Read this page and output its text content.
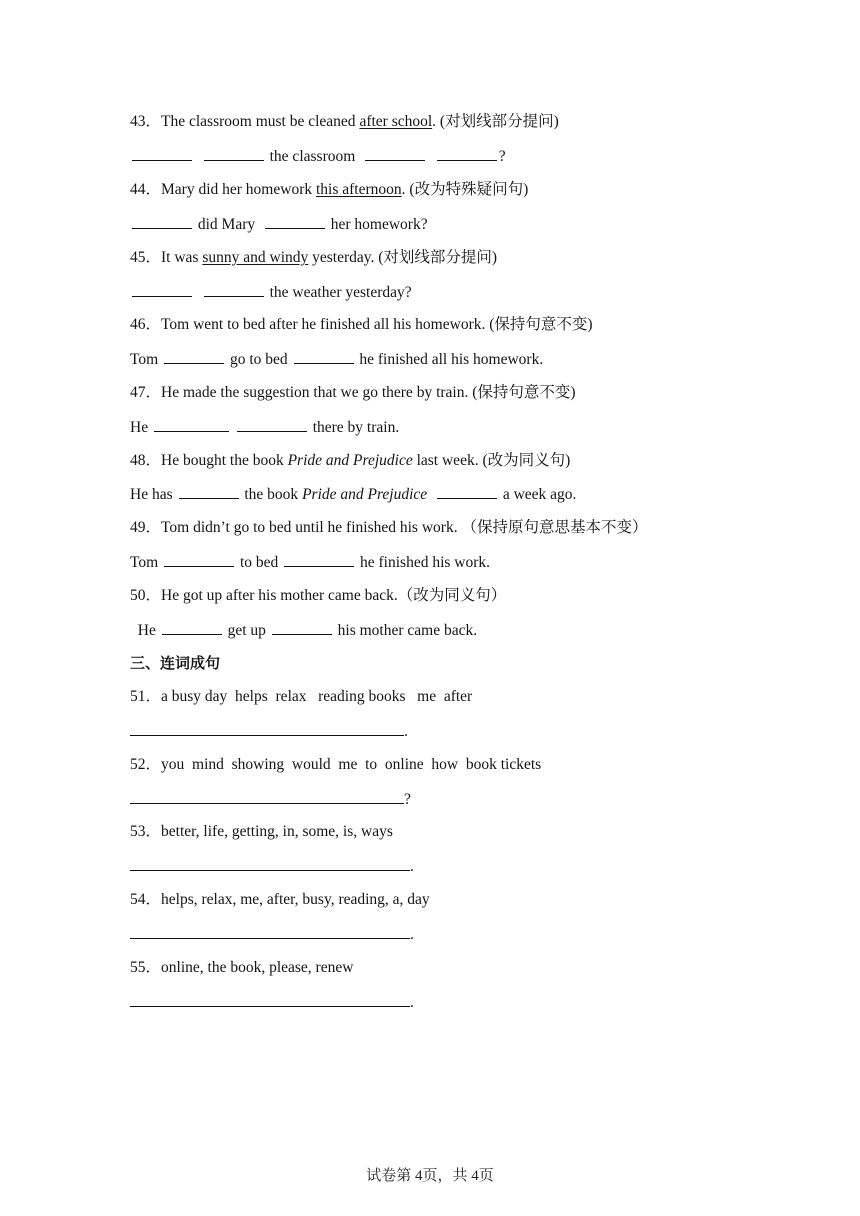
43．The classroom must be cleaned after school. (对划线部分提问)
the classroom	?
44．Mary did her homework this afternoon. (改为特殊疑问句)
did Mary	her homework?
45．It was sunny and windy yesterday. (对划线部分提问)
the weather yesterday?
46．Tom went to bed after he finished all his homework. (保持句意不变)
Tom	go to bed	he finished all his homework.
47．He made the suggestion that we go there by train. (保持句意不变)
He	there by train.
48．He bought the book Pride and Prejudice last week. (改为同义句)
He has	the book Pride and Prejudice	a week ago.
49．Tom didn’t go to bed until he finished his work. （保持原句意思基本不变）
Tom	to bed	he finished his work.
50．He got up after his mother came back.（改为同义句）
He	get up	his mother came back.
三、连词成句
51．a busy day  helps  relax   reading books   me  after
.
52．you  mind  showing  would  me  to  online  how  book tickets
?
53．better, life, getting, in, some, is, ways
.
54．helps, relax, me, after, busy, reading, a, day
.
55．online, the book, please, renew
.
试卷第 4页，共 4页
